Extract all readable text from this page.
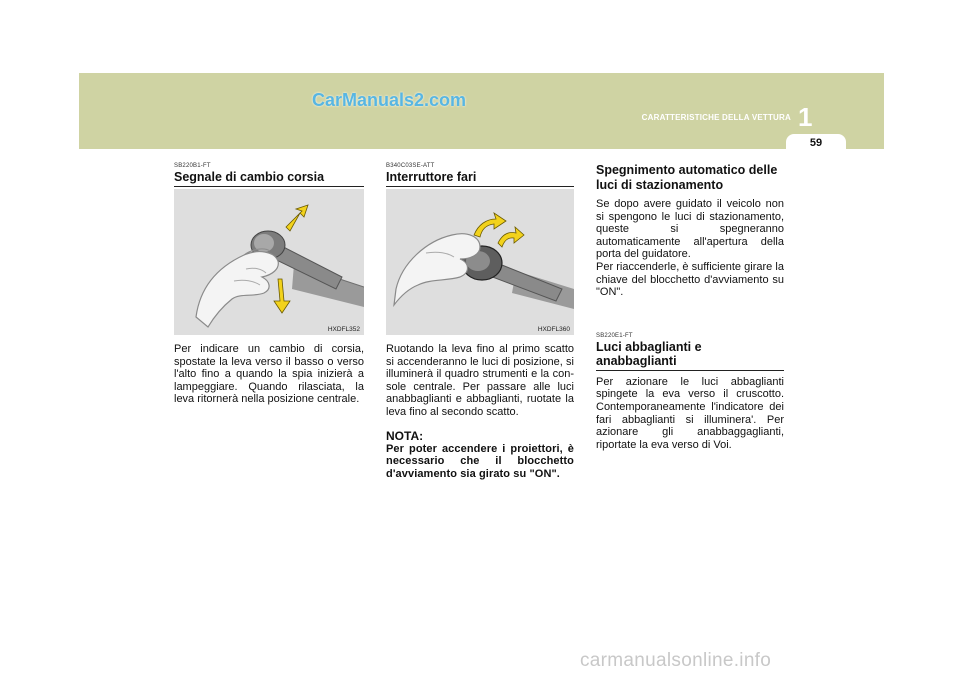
CarManuals2.com
CARATTERISTICHE DELLA VETTURA 1
59
SB220B1-FT
Segnale di cambio corsia
HXDFL352
Per indicare un cambio di corsia, spostate la leva verso il basso o verso l'alto fino a quando la spia inizierà a lampeggiare. Quando rilasciata, la leva ritornerà nella posizione centrale.
B340C03SE-ATT
Interruttore fari
HXDFL360
Ruotando la leva fino al primo scatto si accenderanno le luci di posizione, si illuminerà il quadro strumenti e la con-sole centrale. Per passare alle luci anabbaglianti e abbaglianti, ruotate la leva fino al secondo scatto.
NOTA:
Per poter accendere i proiettori, è necessario che il blocchetto d'avviamento sia girato su "ON".
Spegnimento automatico delle luci di stazionamento
Se dopo avere guidato il veicolo non si spengono le luci di stazionamento, queste si spegneranno automaticamente all'apertura della porta del guidatore.
Per riaccenderle, è sufficiente girare la chiave del blocchetto d'avviamento su "ON".
SB220E1-FT
Luci abbaglianti e anabbaglianti
Per azionare le luci abbaglianti spingete la eva verso il cruscotto. Contemporaneamente l'indicatore dei fari abbaglianti si illuminera'. Per azionare gli anabbaggaglianti, riportate la eva verso di Voi.
carmanualsonline.info
